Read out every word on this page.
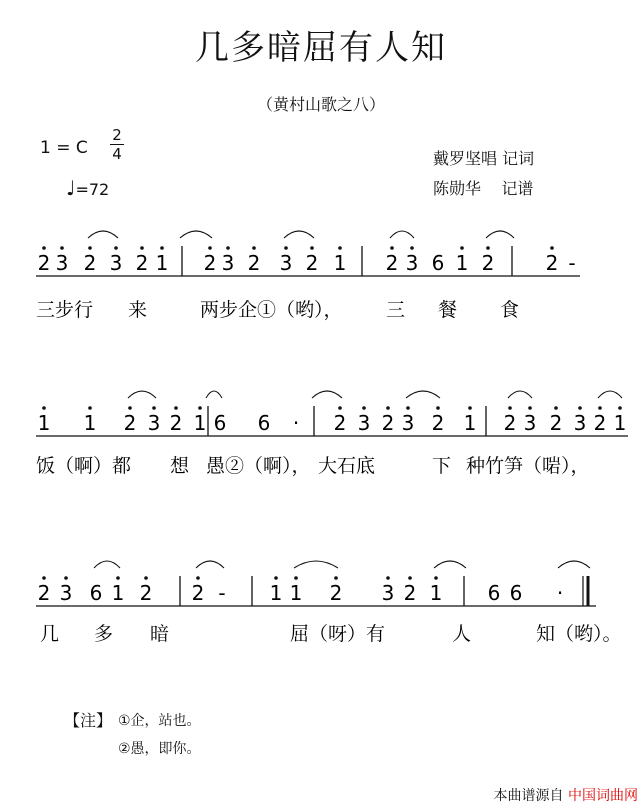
几多暗屈有人知
（黄村山歌之八）
1 = C
2
4
♩=72
戴罗坚唱 记词
陈勋华 记谱
2 3 2 3 2 1 2 3 2 3 2 1 2 3 6 1 2	2 -
三步行 来	两步企①（哟）， 三 餐 食
1 1 2 3 2 1 6 6 · 2 3 2 3 2 1 2 3 2 3 2 1
饭（啊）都 想 愚②（啊）， 大石底	下 种竹笋（啱），
2 3 6 1 2 2 - 1 1 2 3 2 1 6 6 ·
几 多 暗	屈（呀）有	人	知（哟）。
【注】 ①企，站也。
②愚，即你。
本曲谱源自 中国词曲网
